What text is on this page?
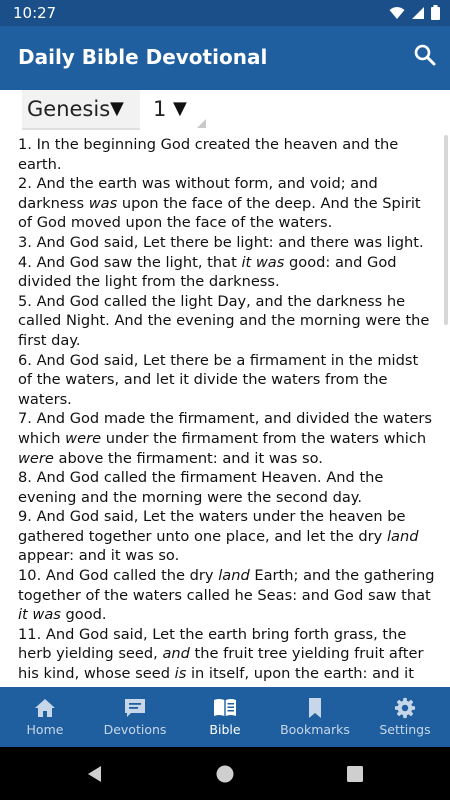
10:27
Daily Bible Devotional
Genesis ▼ 1 ▼
1. In the beginning God created the heaven and the earth.
2. And the earth was without form, and void; and darkness was upon the face of the deep. And the Spirit of God moved upon the face of the waters.
3. And God said, Let there be light: and there was light.
4. And God saw the light, that it was good: and God divided the light from the darkness.
5. And God called the light Day, and the darkness he called Night. And the evening and the morning were the first day.
6. And God said, Let there be a firmament in the midst of the waters, and let it divide the waters from the waters.
7. And God made the firmament, and divided the waters which were under the firmament from the waters which were above the firmament: and it was so.
8. And God called the firmament Heaven. And the evening and the morning were the second day.
9. And God said, Let the waters under the heaven be gathered together unto one place, and let the dry land appear: and it was so.
10. And God called the dry land Earth; and the gathering together of the waters called he Seas: and God saw that it was good.
11. And God said, Let the earth bring forth grass, the herb yielding seed, and the fruit tree yielding fruit after his kind, whose seed is in itself, upon the earth: and it
Home	Devotions	Bible	Bookmarks	Settings
